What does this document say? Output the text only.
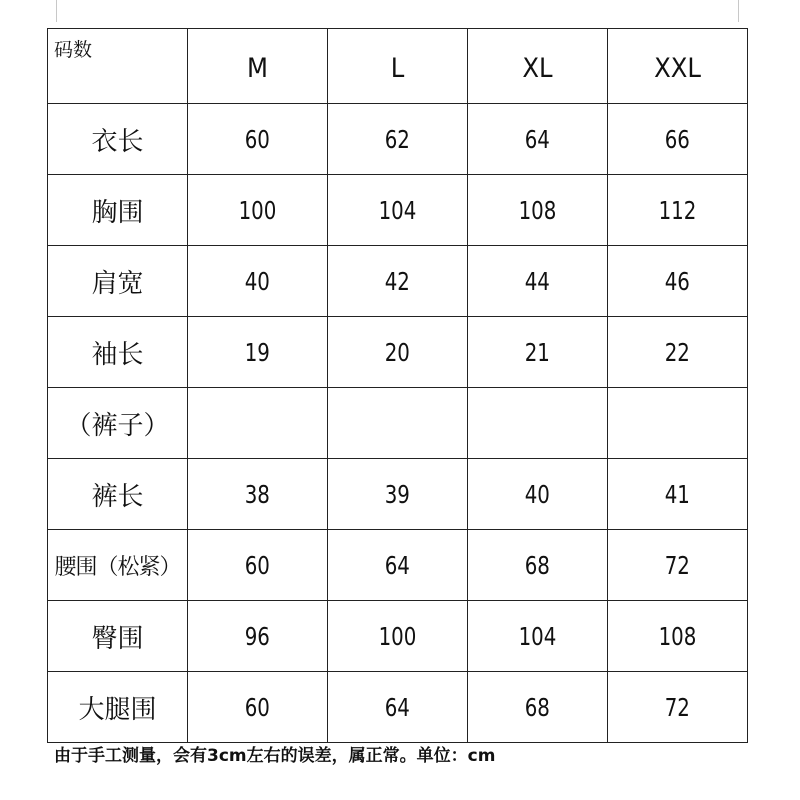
码数	M	L	XL	XXL
衣长	60	62	64	66
胸围	100	104	108	112
肩宽	40	42	44	46
袖长	19	20	21	22
（裤子）				
裤长	38	39	40	41
腰围（松紧）	60	64	68	72
臀围	96	100	104	108
大腿围	60	64	68	72
由于手工测量，会有3cm左右的误差，属正常。单位：cm
